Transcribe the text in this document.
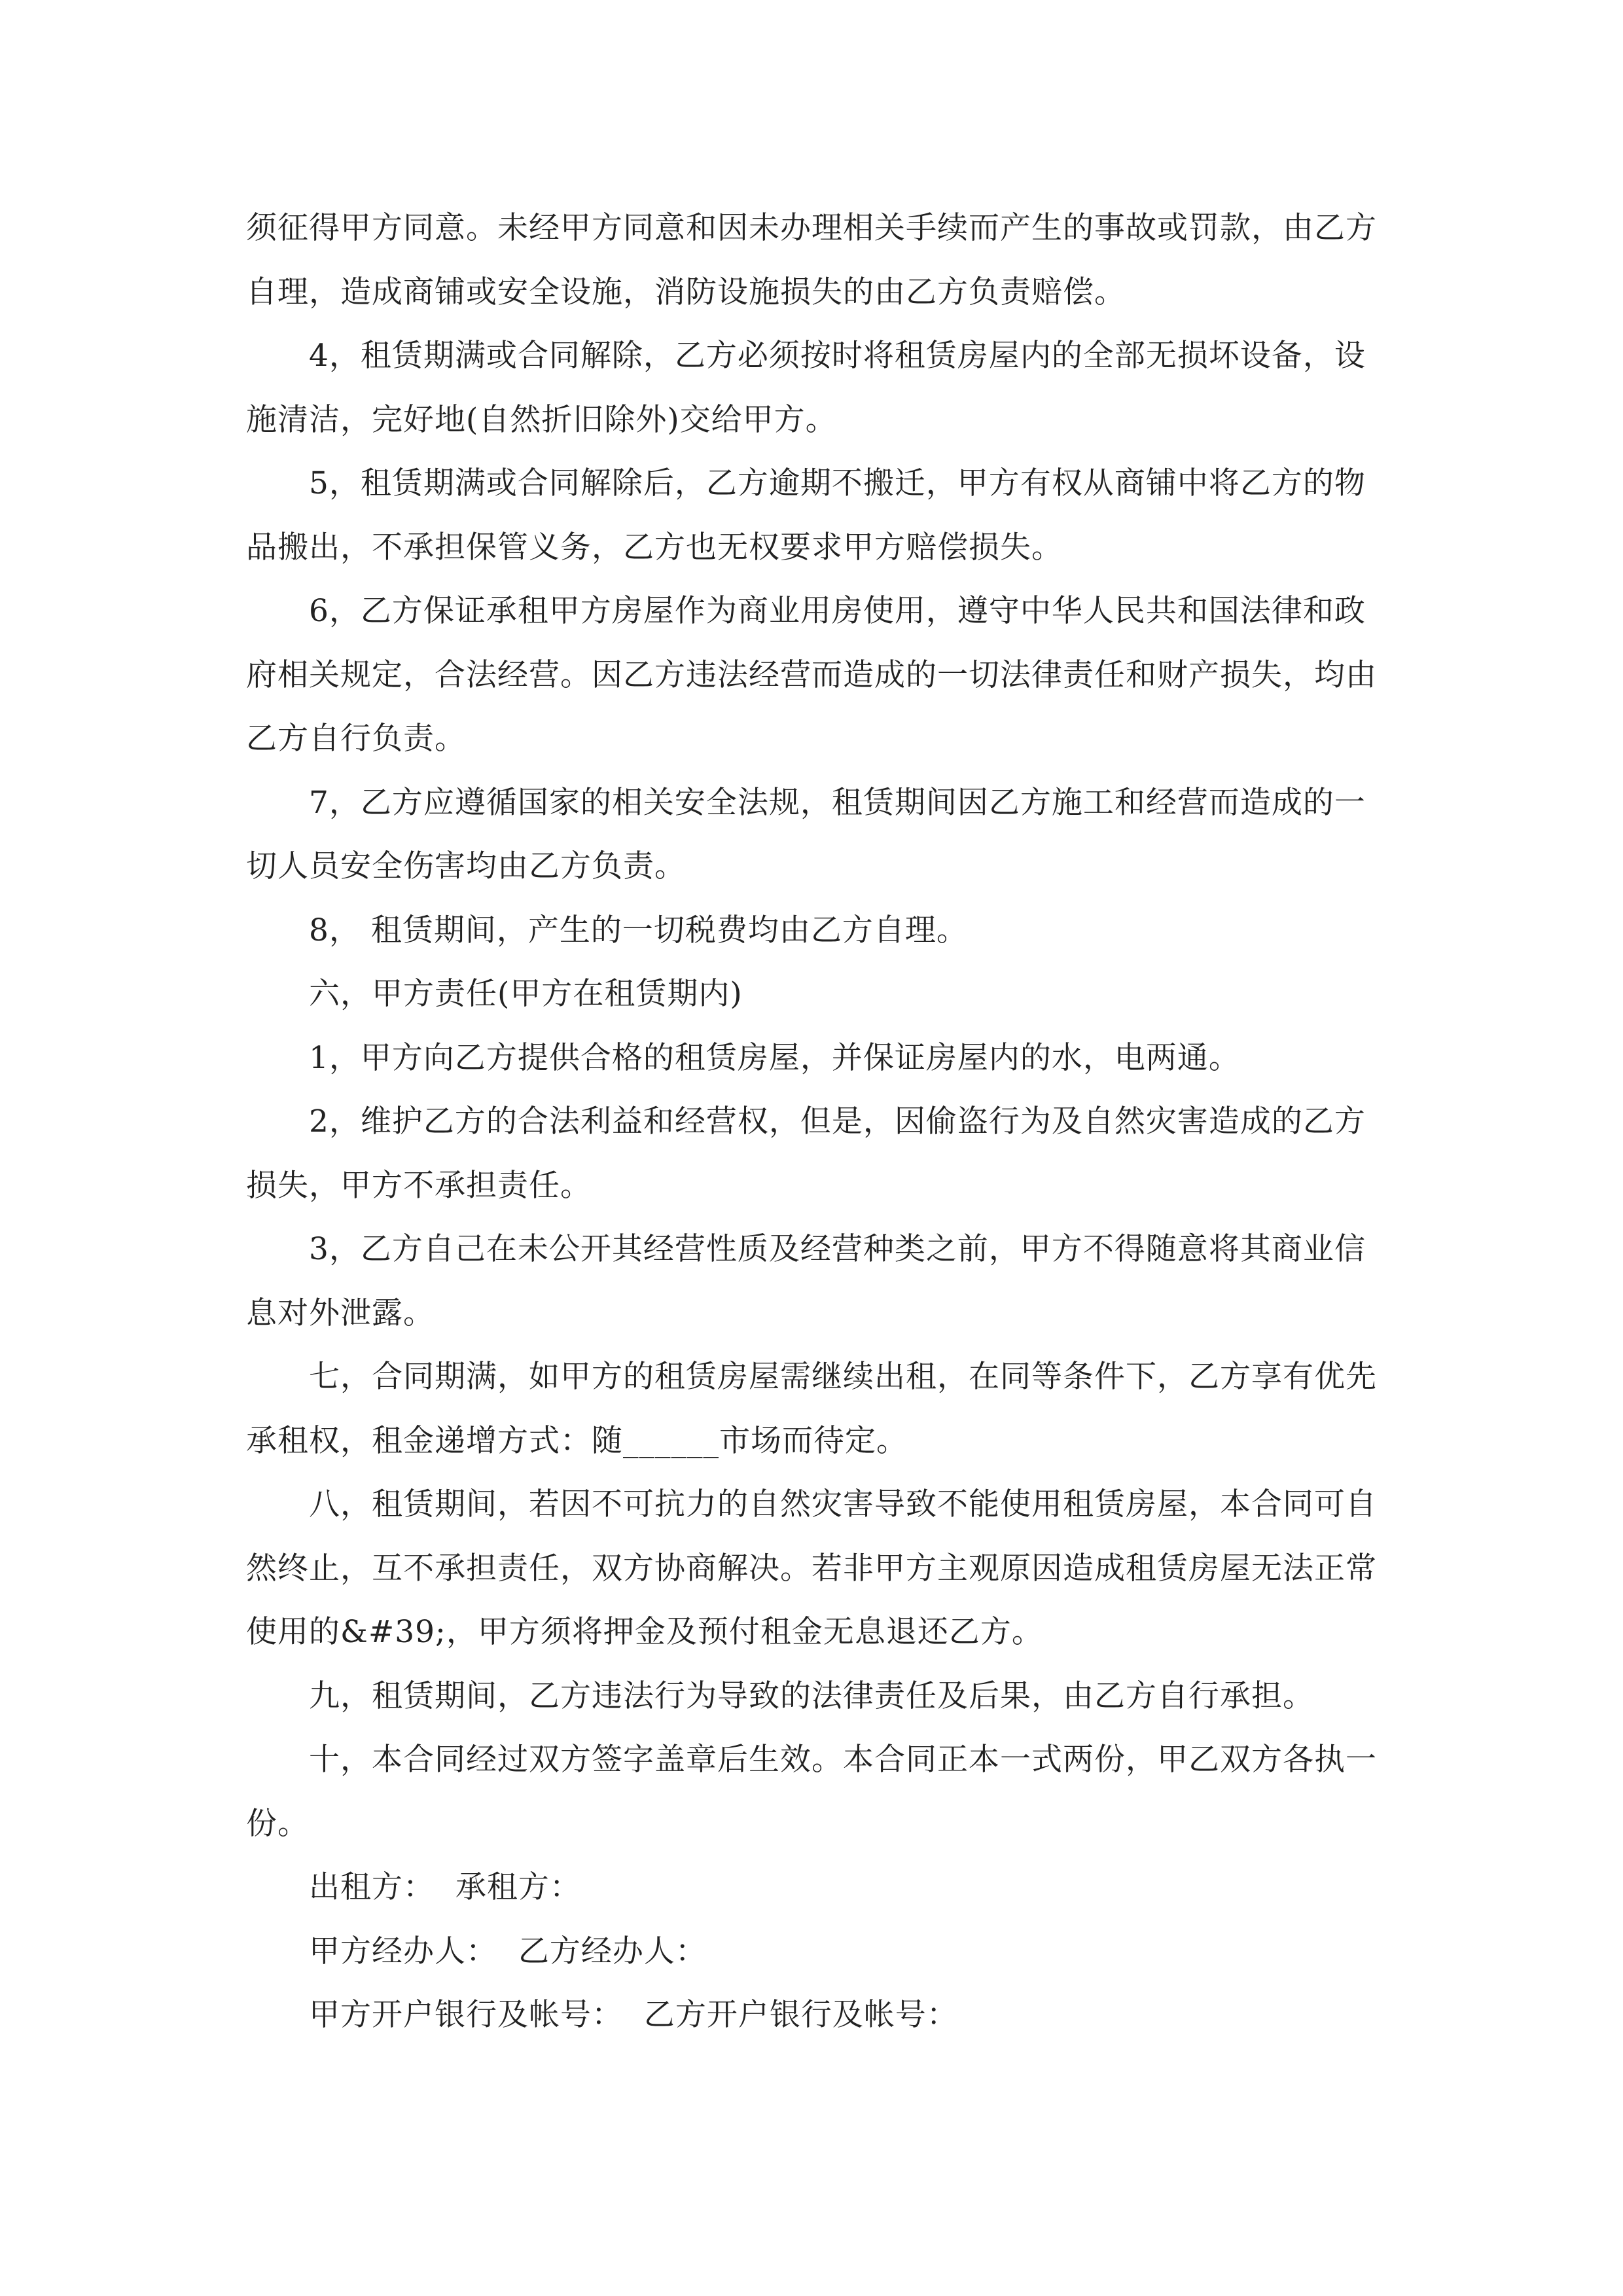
须征得甲方同意。未经甲方同意和因未办理相关手续而产生的事故或罚款，由乙方自理，造成商铺或安全设施，消防设施损失的由乙方负责赔偿。

4，租赁期满或合同解除，乙方必须按时将租赁房屋内的全部无损坏设备，设施清洁，完好地(自然折旧除外)交给甲方。

5，租赁期满或合同解除后，乙方逾期不搬迁，甲方有权从商铺中将乙方的物品搬出，不承担保管义务，乙方也无权要求甲方赔偿损失。

6，乙方保证承租甲方房屋作为商业用房使用，遵守中华人民共和国法律和政府相关规定，合法经营。因乙方违法经营而造成的一切法律责任和财产损失，均由乙方自行负责。

7，乙方应遵循国家的相关安全法规，租赁期间因乙方施工和经营而造成的一切人员安全伤害均由乙方负责。

8， 租赁期间，产生的一切税费均由乙方自理。

六，甲方责任(甲方在租赁期内)

1，甲方向乙方提供合格的租赁房屋，并保证房屋内的水，电两通。

2，维护乙方的合法利益和经营权，但是，因偷盗行为及自然灾害造成的乙方损失，甲方不承担责任。

3，乙方自己在未公开其经营性质及经营种类之前，甲方不得随意将其商业信息对外泄露。

七，合同期满，如甲方的租赁房屋需继续出租，在同等条件下，乙方享有优先承租权，租金递增方式：随______市场而待定。

八，租赁期间，若因不可抗力的自然灾害导致不能使用租赁房屋，本合同可自然终止，互不承担责任，双方协商解决。若非甲方主观原因造成租赁房屋无法正常使用的&#39;，甲方须将押金及预付租金无息退还乙方。

九，租赁期间，乙方违法行为导致的法律责任及后果，由乙方自行承担。

十，本合同经过双方签字盖章后生效。本合同正本一式两份，甲乙双方各执一份。

出租方： 承租方：
甲方经办人： 乙方经办人：
甲方开户银行及帐号： 乙方开户银行及帐号：
